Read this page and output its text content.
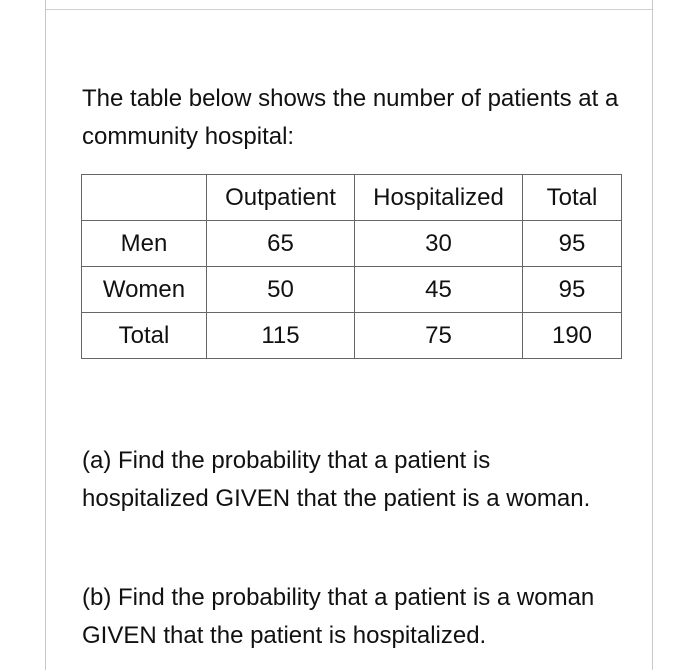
The table below shows the number of patients at a community hospital:

	Outpatient	Hospitalized	Total
Men	65	30	95
Women	50	45	95
Total	115	75	190

(a) Find the probability that a patient is hospitalized GIVEN that the patient is a woman.

(b) Find the probability that a patient is a woman GIVEN that the patient is hospitalized.
